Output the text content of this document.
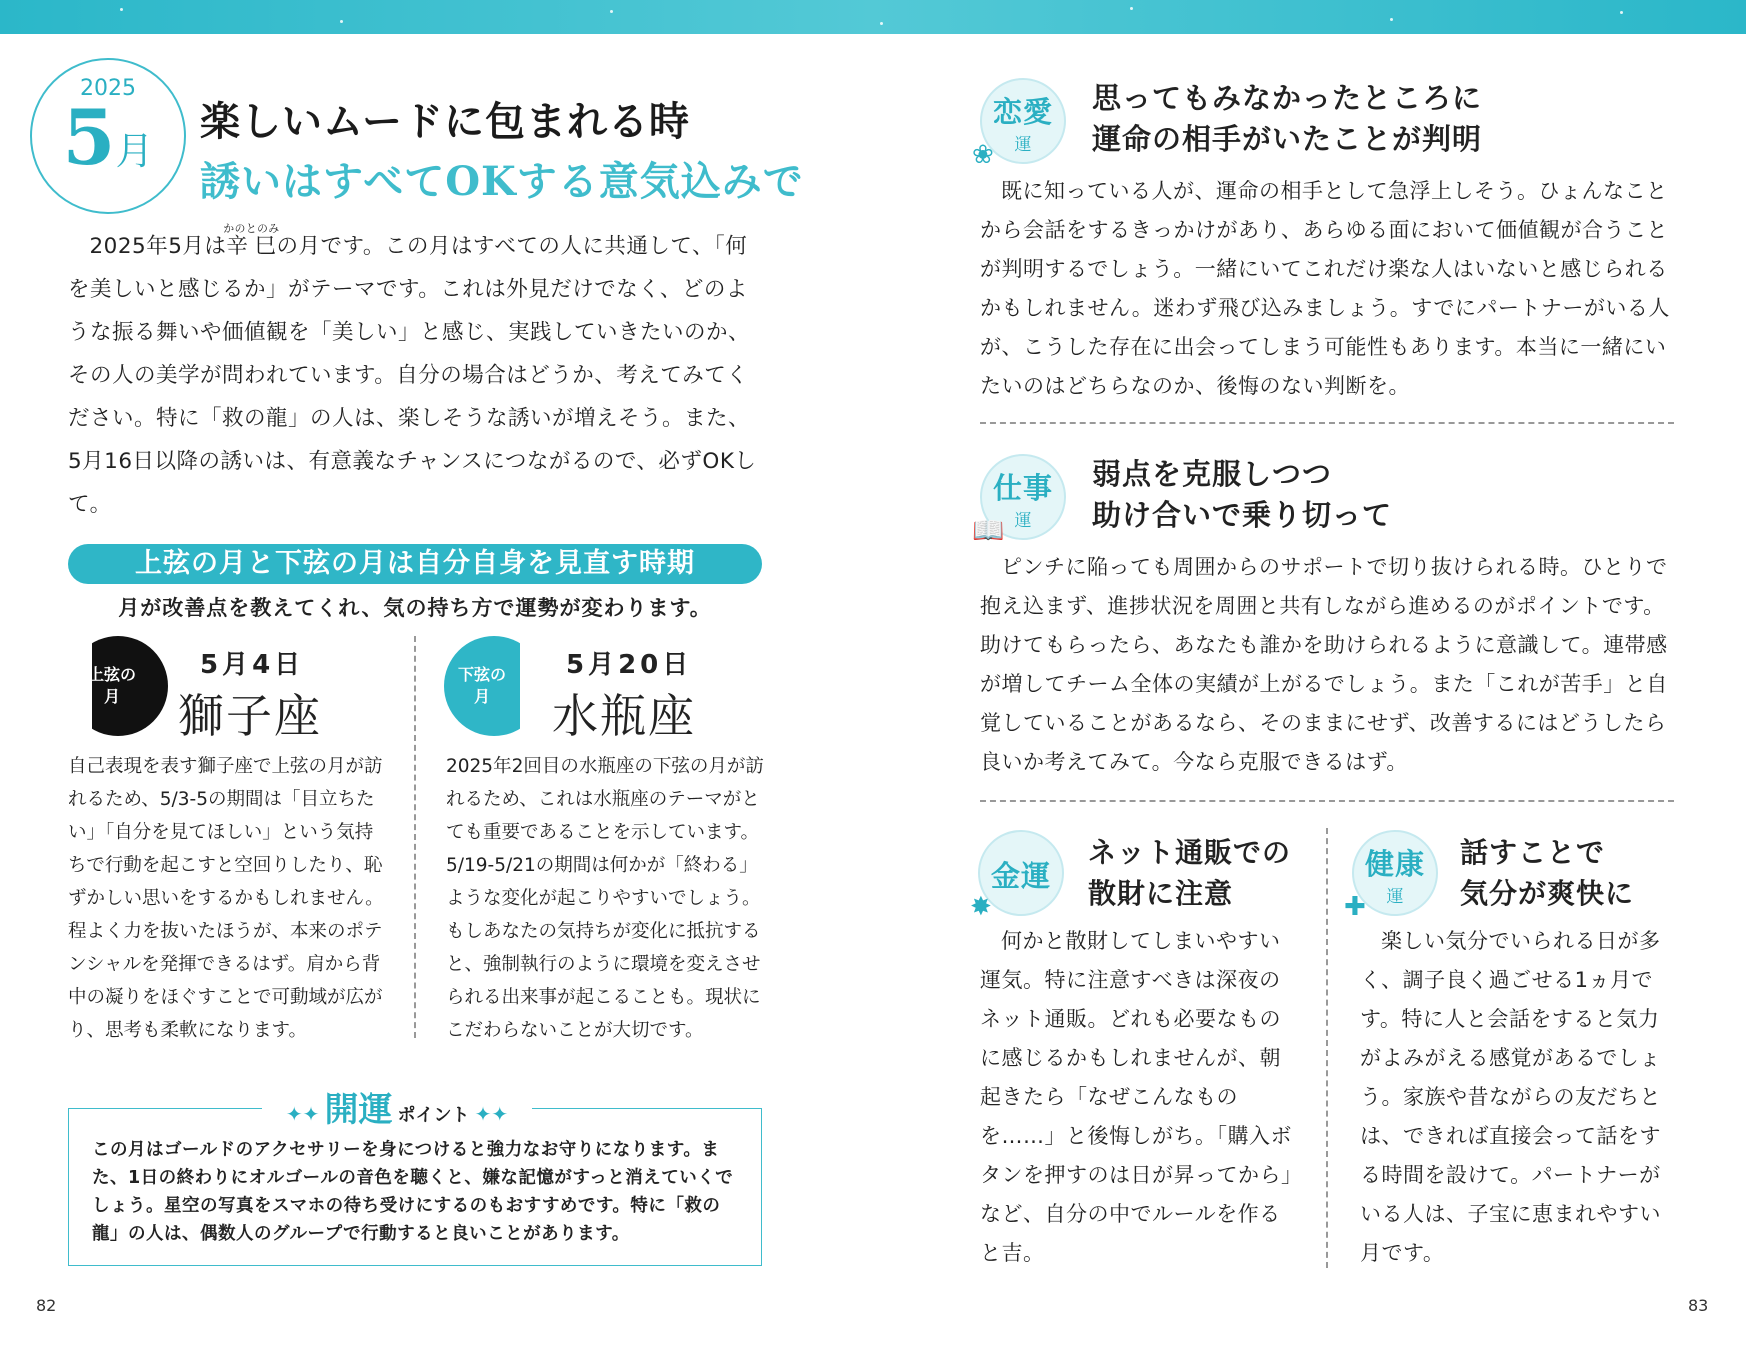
2025
5月
楽しいムードに包まれる時
誘いはすべてOKする意気込みで
2025年5月は辛巳かのとのみの月です。この月はすべての人に共通して、「何を美しいと感じるか」がテーマです。これは外見だけでなく、どのような振る舞いや価値観を「美しい」と感じ、実践していきたいのか、その人の美学が問われています。自分の場合はどうか、考えてみてください。特に「救の龍」の人は、楽しそうな誘いが増えそう。また、5月16日以降の誘いは、有意義なチャンスにつながるので、必ずOKして。
上弦の月と下弦の月は自分自身を見直す時期
月が改善点を教えてくれ、気の持ち方で運勢が変わります。
上弦の
月
5月4日
獅子座
自己表現を表す獅子座で上弦の月が訪れるため、5/3-5の期間は「目立ちたい」「自分を見てほしい」という気持ちで行動を起こすと空回りしたり、恥ずかしい思いをするかもしれません。程よく力を抜いたほうが、本来のポテンシャルを発揮できるはず。肩から背中の凝りをほぐすことで可動域が広がり、思考も柔軟になります。
下弦の
月
5月20日
水瓶座
2025年2回目の水瓶座の下弦の月が訪れるため、これは水瓶座のテーマがとても重要であることを示しています。5/19-5/21の期間は何かが「終わる」ような変化が起こりやすいでしょう。もしあなたの気持ちが変化に抵抗すると、強制執行のように環境を変えさせられる出来事が起こることも。現状にこだわらないことが大切です。
✦✦ 開運 ポイント ✦✦
この月はゴールドのアクセサリーを身につけると強力なお守りになります。また、1日の終わりにオルゴールの音色を聴くと、嫌な記憶がすっと消えていくでしょう。星空の写真をスマホの待ち受けにするのもおすすめです。特に「救の龍」の人は、偶数人のグループで行動すると良いことがあります。
82
恋愛
運
❀
思ってもみなかったところに
運命の相手がいたことが判明
既に知っている人が、運命の相手として急浮上しそう。ひょんなことから会話をするきっかけがあり、あらゆる面において価値観が合うことが判明するでしょう。一緒にいてこれだけ楽な人はいないと感じられるかもしれません。迷わず飛び込みましょう。すでにパートナーがいる人が、こうした存在に出会ってしまう可能性もあります。本当に一緒にいたいのはどちらなのか、後悔のない判断を。
仕事
運
📖
弱点を克服しつつ
助け合いで乗り切って
ピンチに陥っても周囲からのサポートで切り抜けられる時。ひとりで抱え込まず、進捗状況を周囲と共有しながら進めるのがポイントです。助けてもらったら、あなたも誰かを助けられるように意識して。連帯感が増してチーム全体の実績が上がるでしょう。また「これが苦手」と自覚していることがあるなら、そのままにせず、改善するにはどうしたら良いか考えてみて。今なら克服できるはず。
金運
✸
ネット通販での
散財に注意
何かと散財してしまいやすい運気。特に注意すべきは深夜のネット通販。どれも必要なものに感じるかもしれませんが、朝起きたら「なぜこんなものを……」と後悔しがち。「購入ボタンを押すのは日が昇ってから」など、自分の中でルールを作ると吉。
健康
運
✚
話すことで
気分が爽快に
楽しい気分でいられる日が多く、調子良く過ごせる1ヵ月です。特に人と会話をすると気力がよみがえる感覚があるでしょう。家族や昔ながらの友だちとは、できれば直接会って話をする時間を設けて。パートナーがいる人は、子宝に恵まれやすい月です。
83
